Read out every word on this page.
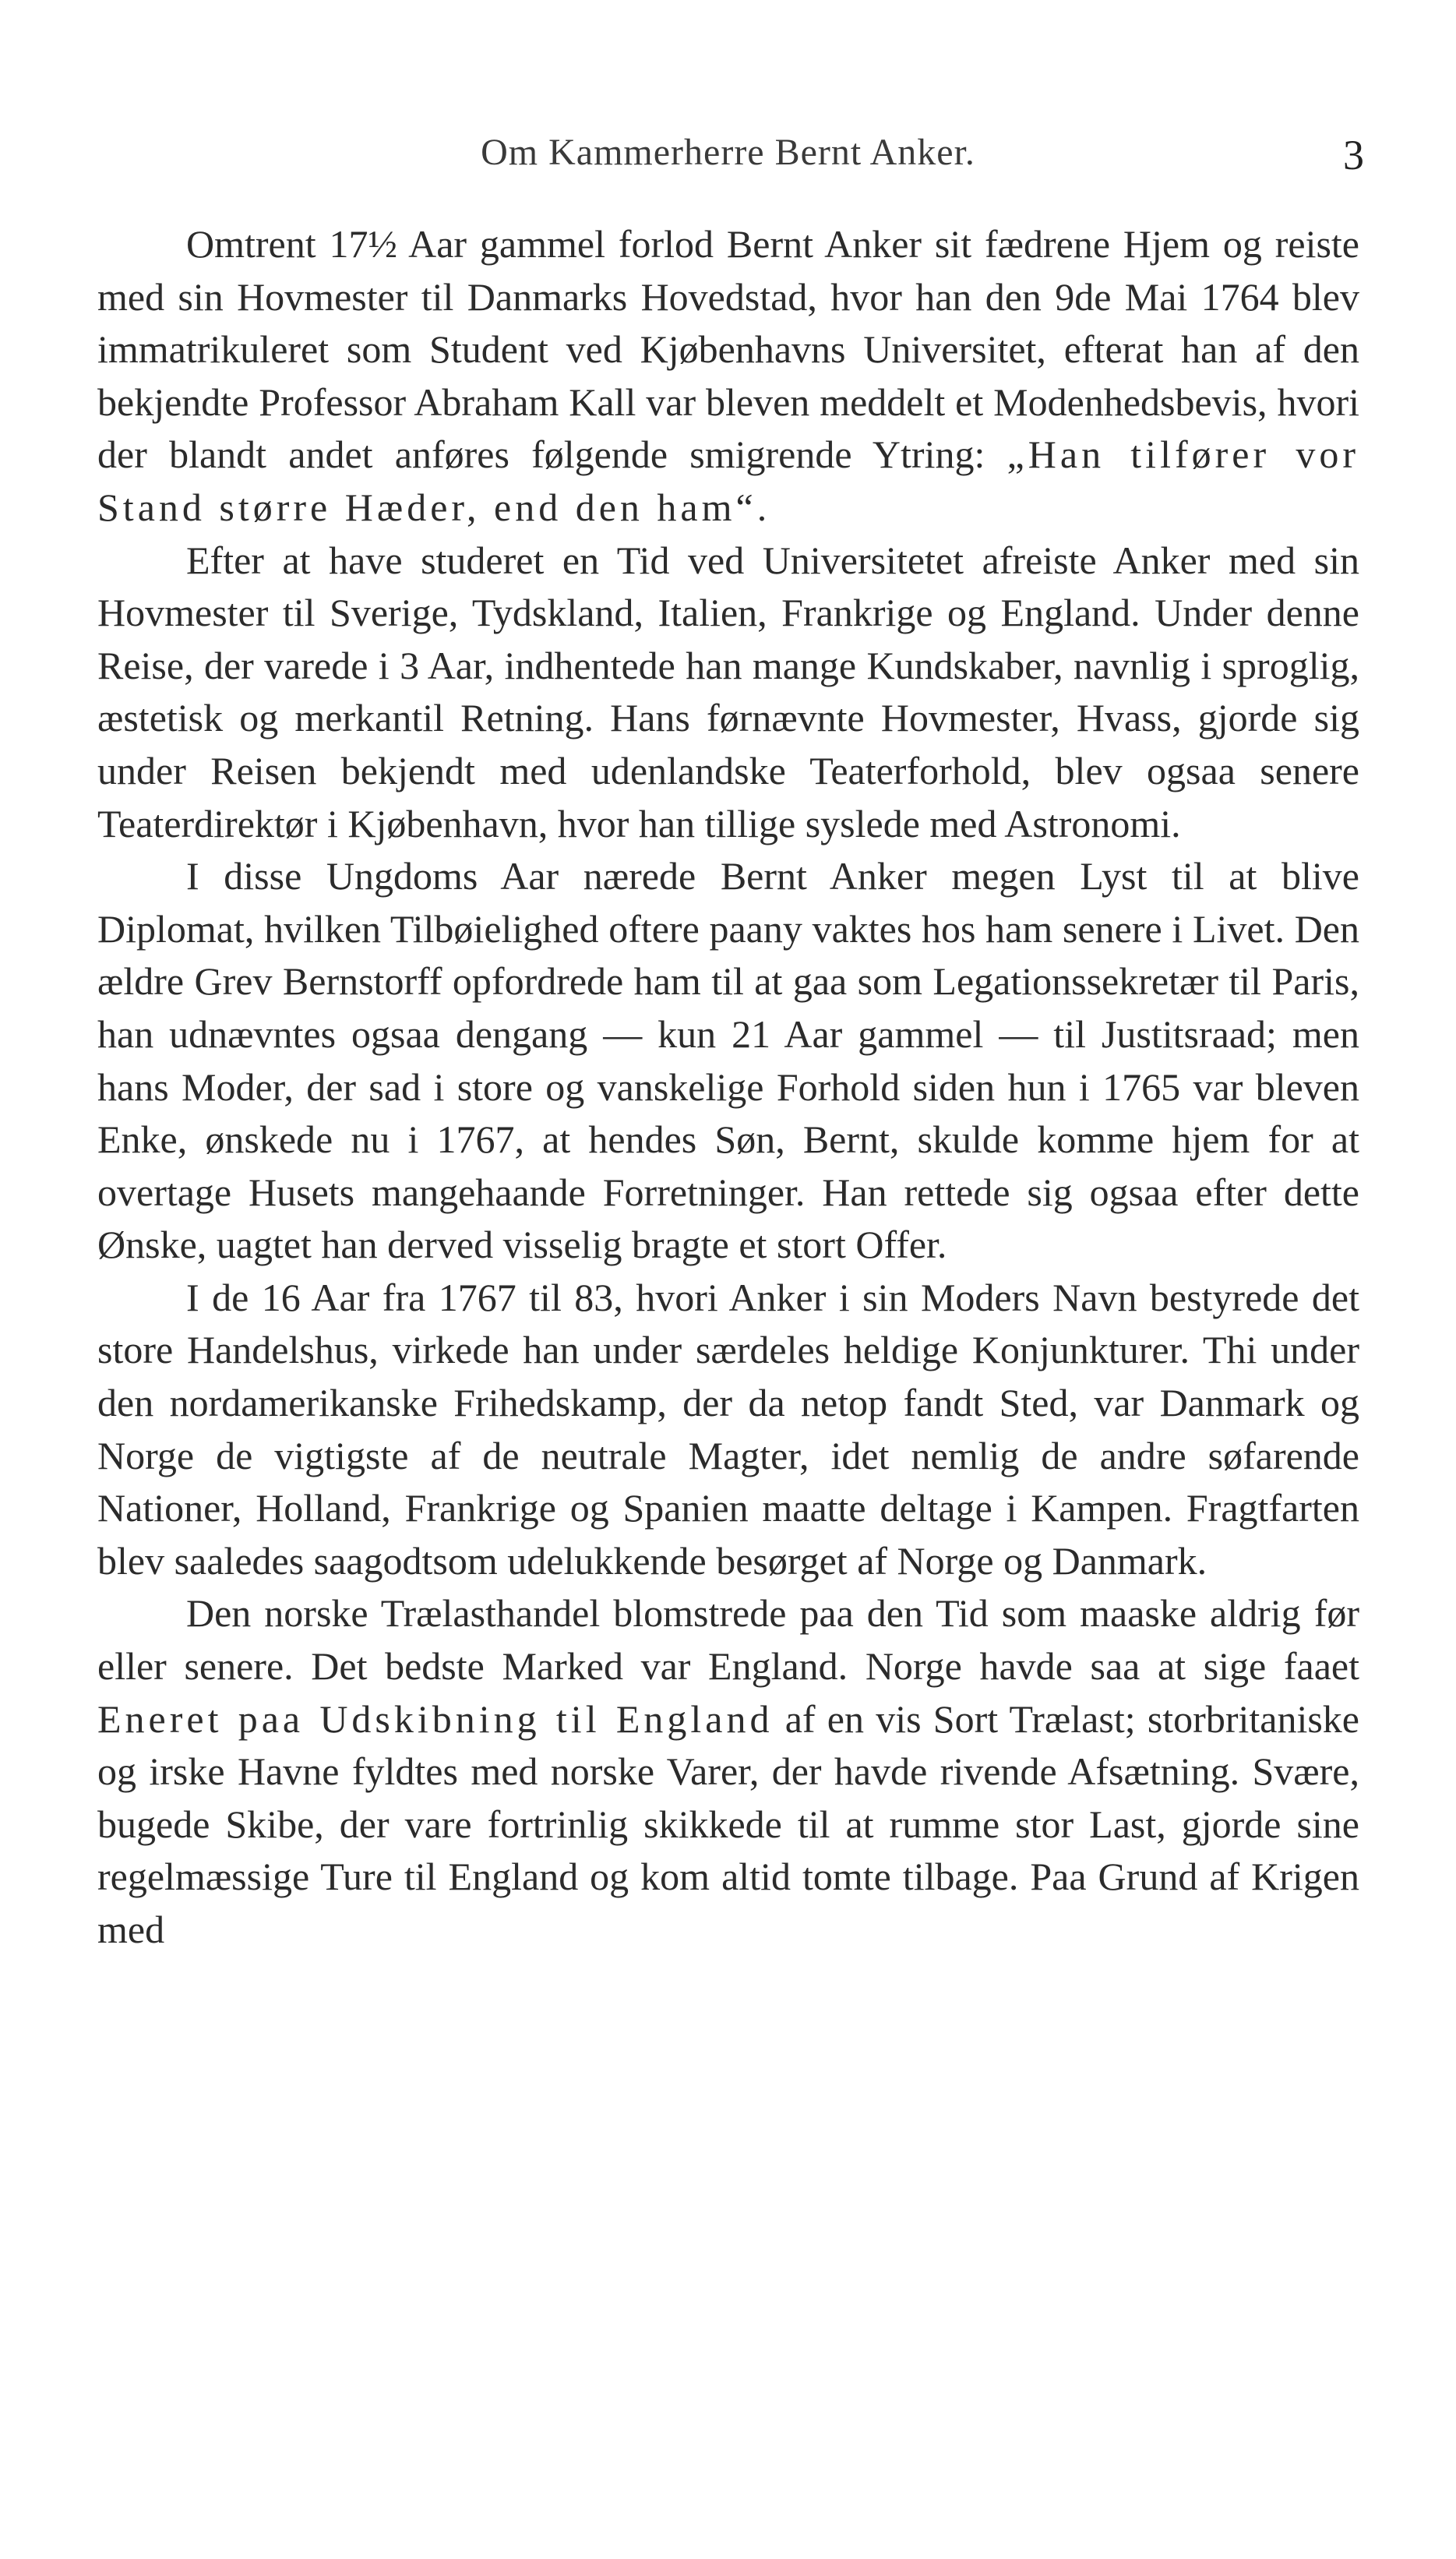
Om Kammerherre Bernt Anker.	3

Omtrent 17½ Aar gammel forlod Bernt Anker sit fædrene Hjem og reiste med sin Hovmester til Danmarks Hovedstad, hvor han den 9de Mai 1764 blev immatrikuleret som Student ved Kjøbenhavns Universitet, efterat han af den bekjendte Professor Abraham Kall var bleven meddelt et Modenhedsbevis, hvori der blandt andet anføres følgende smigrende Ytring: „Han tilfører vor Stand større Hæder, end den ham“.

Efter at have studeret en Tid ved Universitetet afreiste Anker med sin Hovmester til Sverige, Tydskland, Italien, Frankrige og England. Under denne Reise, der varede i 3 Aar, indhentede han mange Kundskaber, navnlig i sproglig, æstetisk og merkantil Retning. Hans førnævnte Hovmester, Hvass, gjorde sig under Reisen bekjendt med udenlandske Teaterforhold, blev ogsaa senere Teaterdirektør i Kjøbenhavn, hvor han tillige syslede med Astronomi.

I disse Ungdoms Aar nærede Bernt Anker megen Lyst til at blive Diplomat, hvilken Tilbøielighed oftere paany vaktes hos ham senere i Livet. Den ældre Grev Bernstorff opfordrede ham til at gaa som Legationssekretær til Paris, han udnævntes ogsaa dengang — kun 21 Aar gammel — til Justitsraad; men hans Moder, der sad i store og vanskelige Forhold siden hun i 1765 var bleven Enke, ønskede nu i 1767, at hendes Søn, Bernt, skulde komme hjem for at overtage Husets mangehaande Forretninger. Han rettede sig ogsaa efter dette Ønske, uagtet han derved visselig bragte et stort Offer.

I de 16 Aar fra 1767 til 83, hvori Anker i sin Moders Navn bestyrede det store Handelshus, virkede han under særdeles heldige Konjunkturer. Thi under den nordamerikanske Frihedskamp, der da netop fandt Sted, var Danmark og Norge de vigtigste af de neutrale Magter, idet nemlig de andre søfarende Nationer, Holland, Frankrige og Spanien maatte deltage i Kampen. Fragtfarten blev saaledes saagodtsom udelukkende besørget af Norge og Danmark.

Den norske Trælasthandel blomstrede paa den Tid som maaske aldrig før eller senere. Det bedste Marked var England. Norge havde saa at sige faaet Eneret paa Udskibning til England af en vis Sort Trælast; storbritaniske og irske Havne fyldtes med norske Varer, der havde rivende Afsætning. Svære, bugede Skibe, der vare fortrinlig skikkede til at rumme stor Last, gjorde sine regelmæssige Ture til England og kom altid tomte tilbage. Paa Grund af Krigen med
